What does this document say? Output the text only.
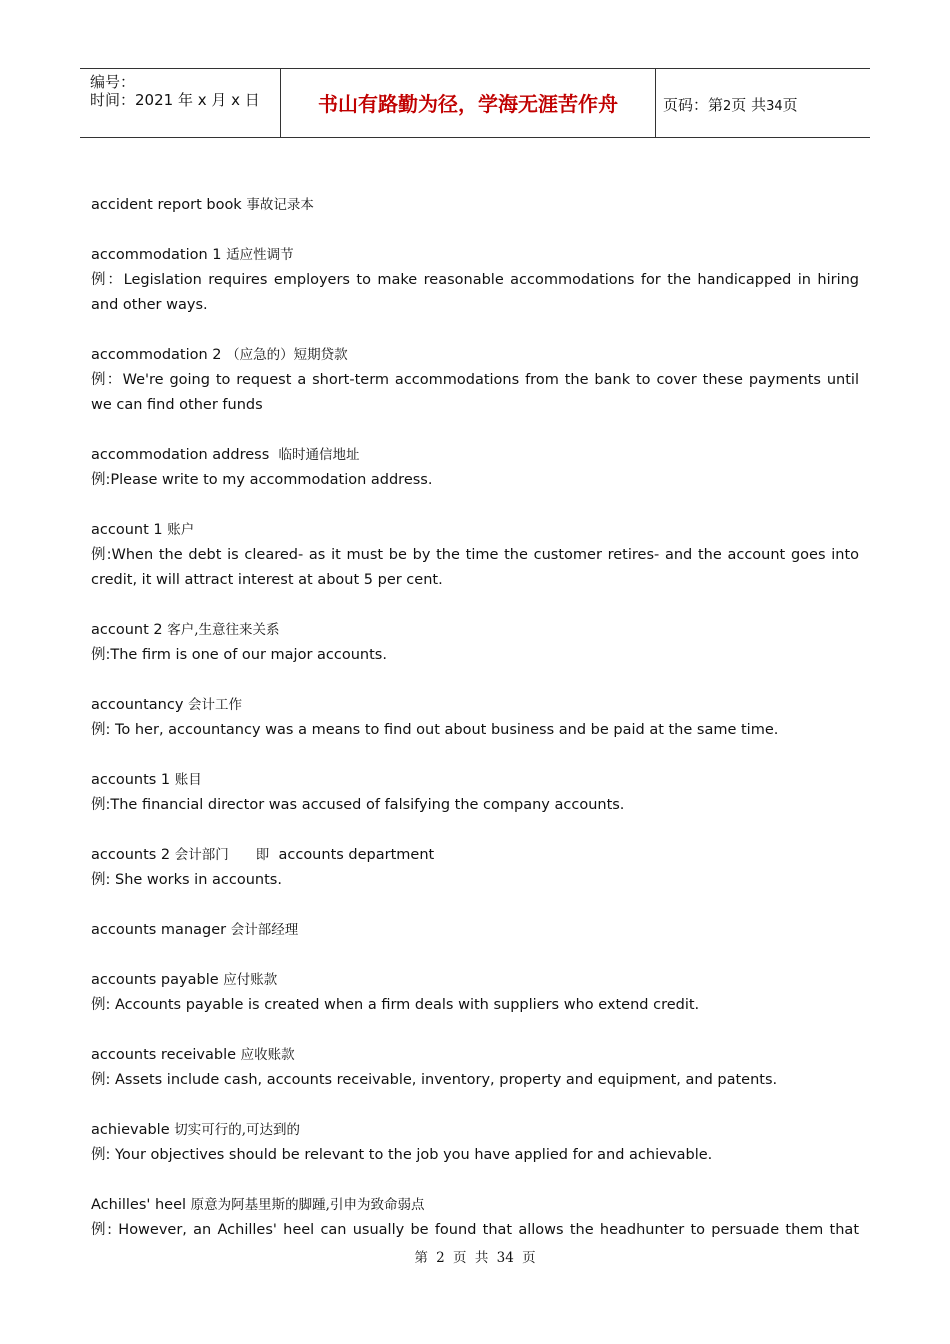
编号：
时间：2021 年 x 月 x 日	书山有路勤为径，学海无涯苦作舟	页码：第2页 共34页
accident report book 事故记录本
accommodation 1 适应性调节
例：Legislation requires employers to make reasonable accommodations for the handicapped in hiring and other ways.
accommodation 2 （应急的）短期贷款
例：We're going to request a short-term accommodations from the bank to cover these payments until we can find other funds
accommodation address 临时通信地址
例:Please write to my accommodation address.
account 1 账户
例:When the debt is cleared- as it must be by the time the customer retires- and the account goes into credit, it will attract interest at about 5 per cent.
account 2 客户,生意往来关系
例:The firm is one of our major accounts.
accountancy 会计工作
例: To her, accountancy was a means to find out about business and be paid at the same time.
accounts 1 账目
例:The financial director was accused of falsifying the company accounts.
accounts 2 会计部门　　即 accounts department
例: She works in accounts.
accounts manager 会计部经理
accounts payable 应付账款
例: Accounts payable is created when a firm deals with suppliers who extend credit.
accounts receivable 应收账款
例: Assets include cash, accounts receivable, inventory, property and equipment, and patents.
achievable 切实可行的,可达到的
例: Your objectives should be relevant to the job you have applied for and achievable.
Achilles' heel 原意为阿基里斯的脚踵,引申为致命弱点
例: However, an Achilles' heel can usually be found that allows the headhunter to persuade them that
第 2 页 共 34 页
